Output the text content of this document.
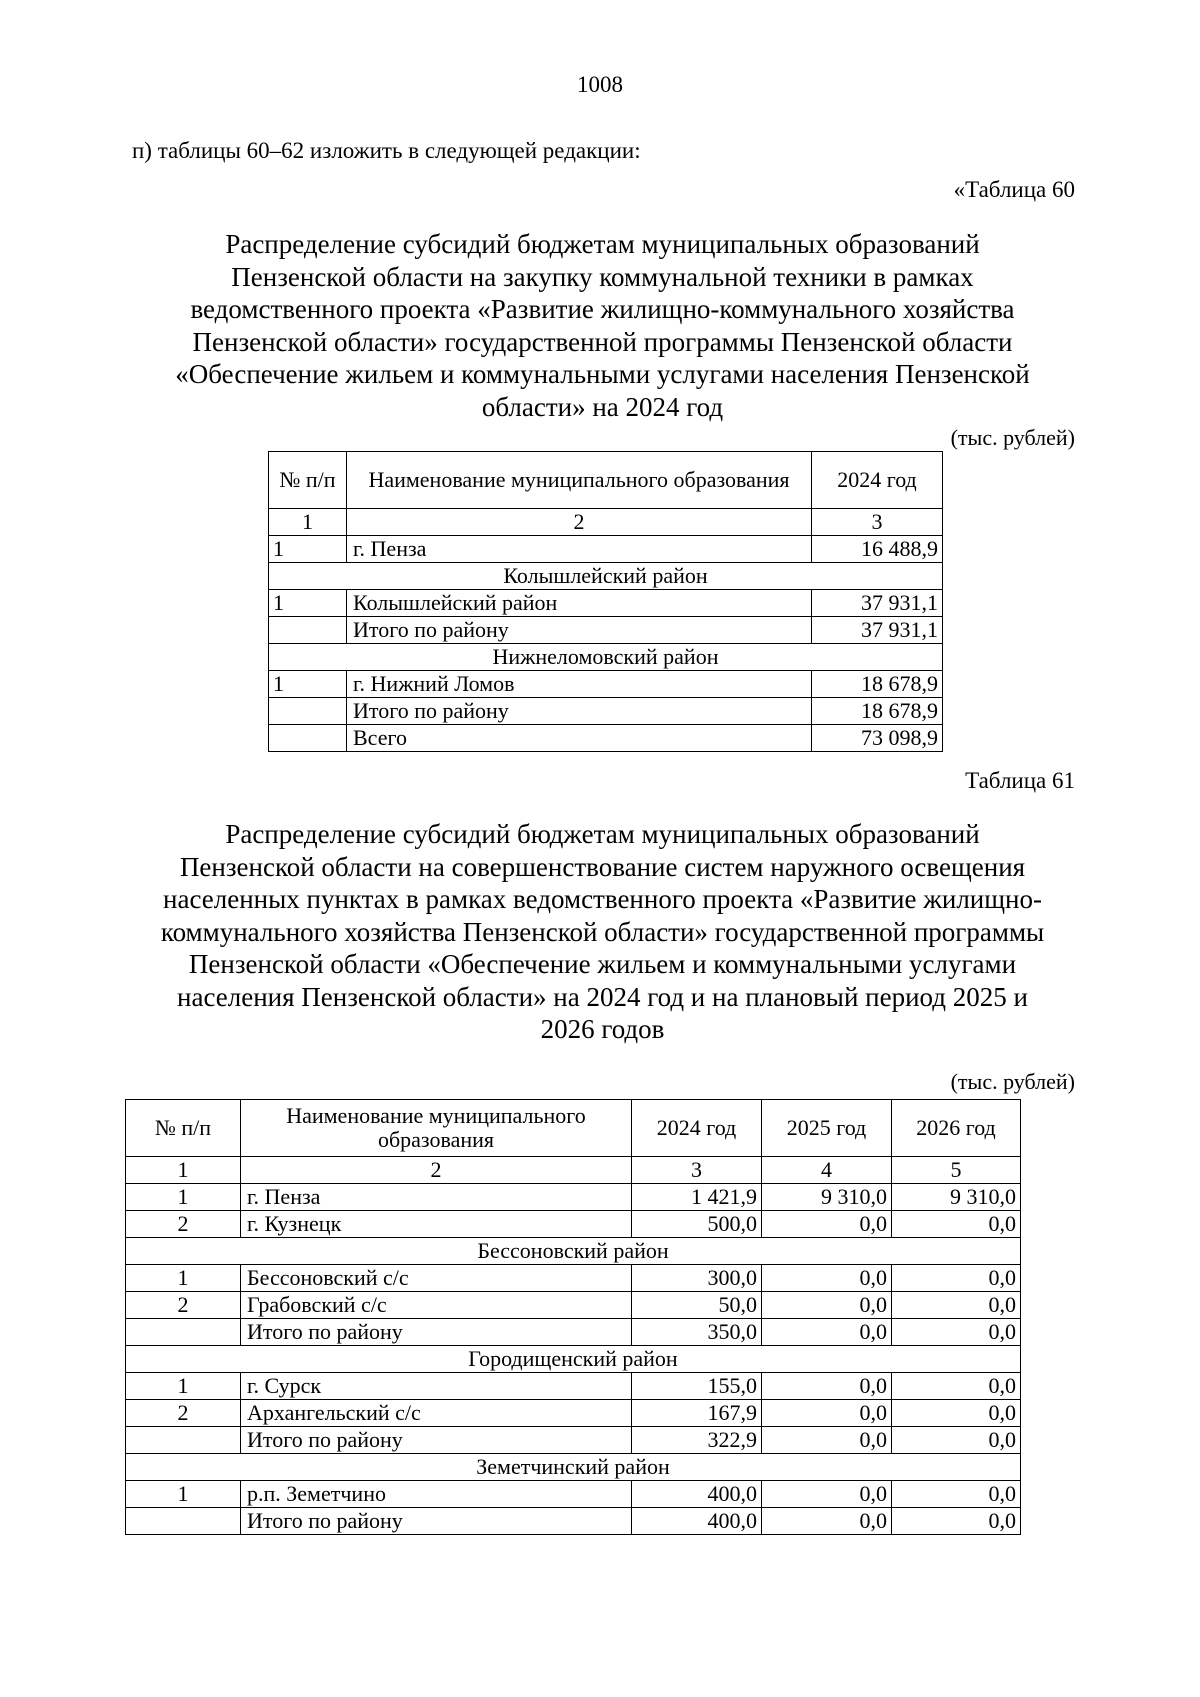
1008
п) таблицы 60–62 изложить в следующей редакции:
«Таблица 60
Распределение субсидий бюджетам муниципальных образований
Пензенской области на закупку коммунальной техники в рамках
ведомственного проекта «Развитие жилищно-коммунального хозяйства
Пензенской области» государственной программы Пензенской области
«Обеспечение жильем и коммунальными услугами населения Пензенской
области» на 2024 год
(тыс. рублей)
№ п/п	Наименование муниципального образования	2024 год
1	2	3
1	г. Пенза	16 488,9
Колышлейский район		
1	Колышлейский район	37 931,1
	Итого по району	37 931,1
Нижнеломовский район		
1	г. Нижний Ломов	18 678,9
	Итого по району	18 678,9
	Всего	73 098,9
Таблица 61
Распределение субсидий бюджетам муниципальных образований
Пензенской области на совершенствование систем наружного освещения
населенных пунктах в рамках ведомственного проекта «Развитие жилищно-
коммунального хозяйства Пензенской области» государственной программы
Пензенской области «Обеспечение жильем и коммунальными услугами
населения Пензенской области» на 2024 год и на плановый период 2025 и
2026 годов
(тыс. рублей)
№ п/п	Наименование муниципального образования	2024 год	2025 год	2026 год
1	2	3	4	5
1	г. Пенза	1 421,9	9 310,0	9 310,0
2	г. Кузнецк	500,0	0,0	0,0
Бессоновский район				
1	Бессоновский с/с	300,0	0,0	0,0
2	Грабовский с/с	50,0	0,0	0,0
	Итого по району	350,0	0,0	0,0
Городищенский район				
1	г. Сурск	155,0	0,0	0,0
2	Архангельский с/с	167,9	0,0	0,0
	Итого по району	322,9	0,0	0,0
Земетчинский район				
1	р.п. Земетчино	400,0	0,0	0,0
	Итого по району	400,0	0,0	0,0
